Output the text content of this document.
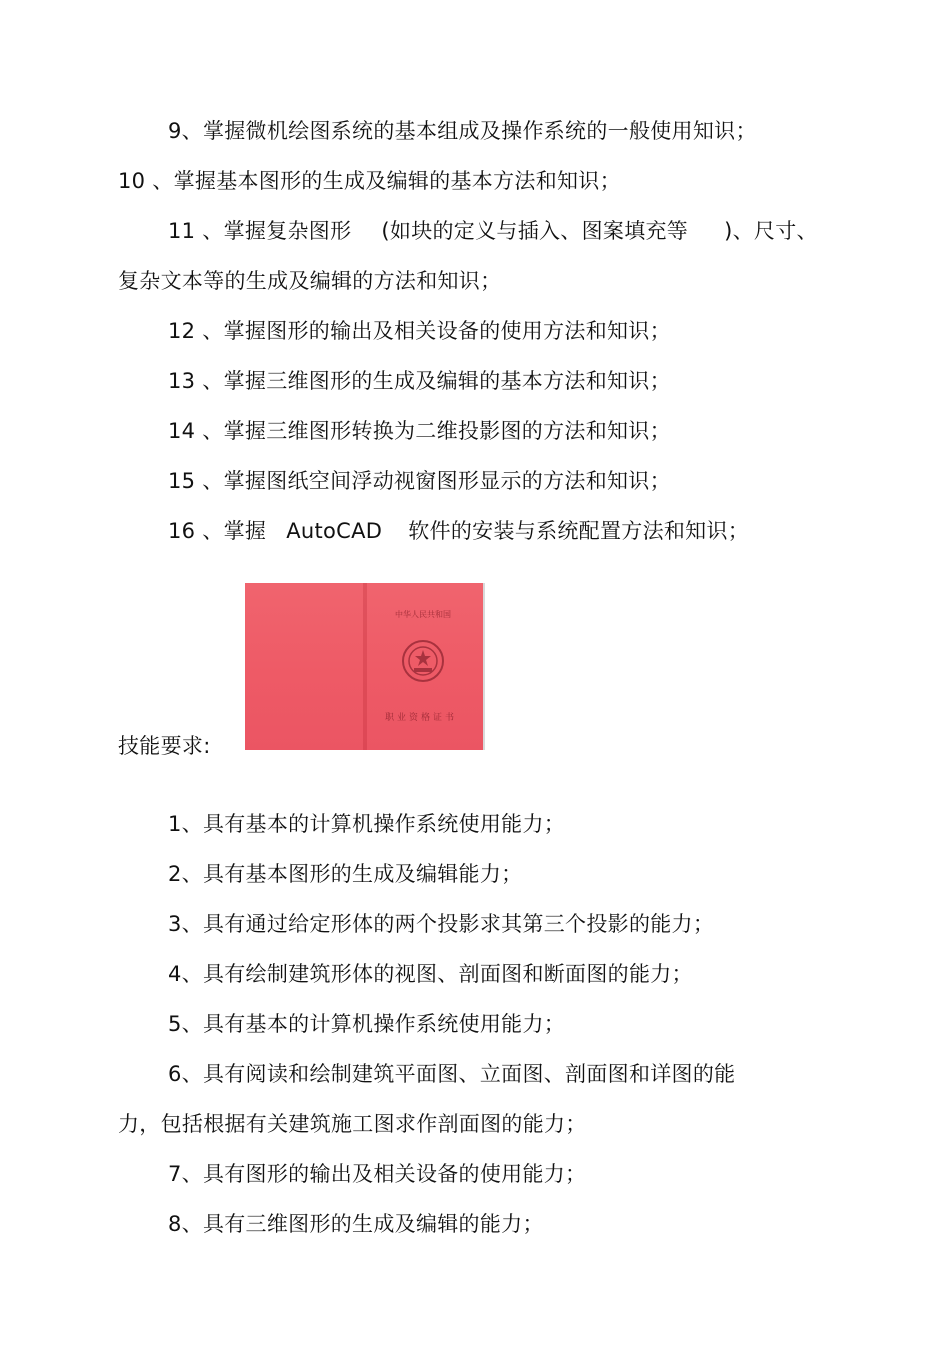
9、掌握微机绘图系统的基本组成及操作系统的一般使用知识；
10 、掌握基本图形的生成及编辑的基本方法和知识；
11 、掌握复杂图形 (如块的定义与插入、图案填充等 )、尺寸、
复杂文本等的生成及编辑的方法和知识；
12 、掌握图形的输出及相关设备的使用方法和知识；
13 、掌握三维图形的生成及编辑的基本方法和知识；
14 、掌握三维图形转换为二维投影图的方法和知识；
15 、掌握图纸空间浮动视窗图形显示的方法和知识；
16 、掌握 AutoCAD 软件的安装与系统配置方法和知识；
中华人民共和国
职业资格证书
技能要求:
1、具有基本的计算机操作系统使用能力；
2、具有基本图形的生成及编辑能力；
3、具有通过给定形体的两个投影求其第三个投影的能力；
4、具有绘制建筑形体的视图、剖面图和断面图的能力；
5、具有基本的计算机操作系统使用能力；
6、具有阅读和绘制建筑平面图、立面图、剖面图和详图的能
力，包括根据有关建筑施工图求作剖面图的能力；
7、具有图形的输出及相关设备的使用能力；
8、具有三维图形的生成及编辑的能力；
